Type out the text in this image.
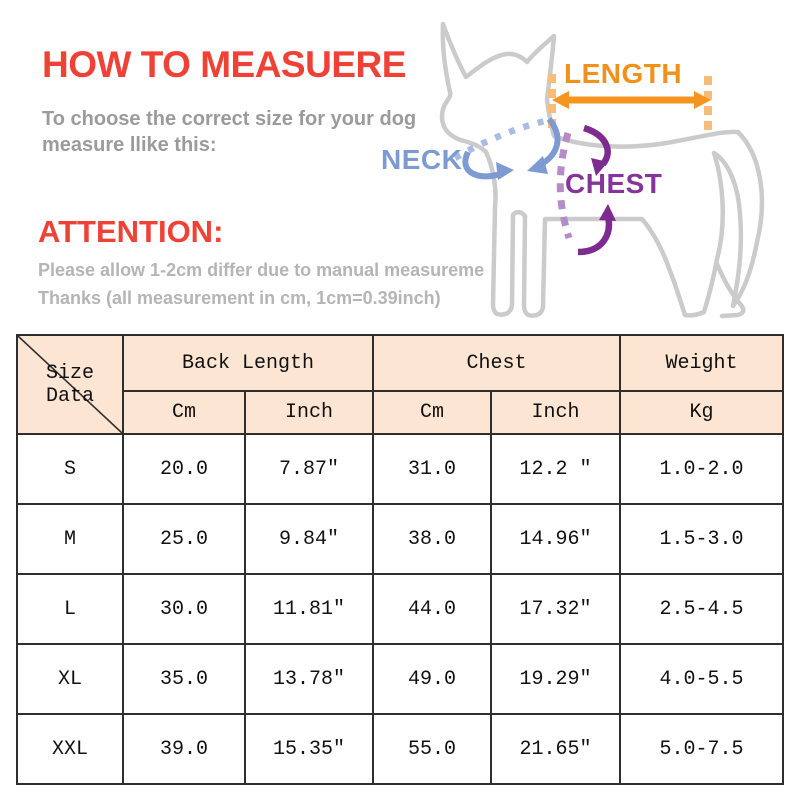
HOW TO MEASUERE
To choose the correct size for your dog
measure llike this:
ATTENTION:
Please allow 1-2cm differ due to manual measureme
Thanks (all measurement in cm, 1cm=0.39inch)
LENGTH
NECK
CHEST
Size Data	Back Length		Chest		Weight
	Cm	Inch	Cm	Inch	Kg
S	20.0	7.87″	31.0	12.2 ″	1.0-2.0
M	25.0	9.84″	38.0	14.96″	1.5-3.0
L	30.0	11.81″	44.0	17.32″	2.5-4.5
XL	35.0	13.78″	49.0	19.29″	4.0-5.5
XXL	39.0	15.35″	55.0	21.65″	5.0-7.5
